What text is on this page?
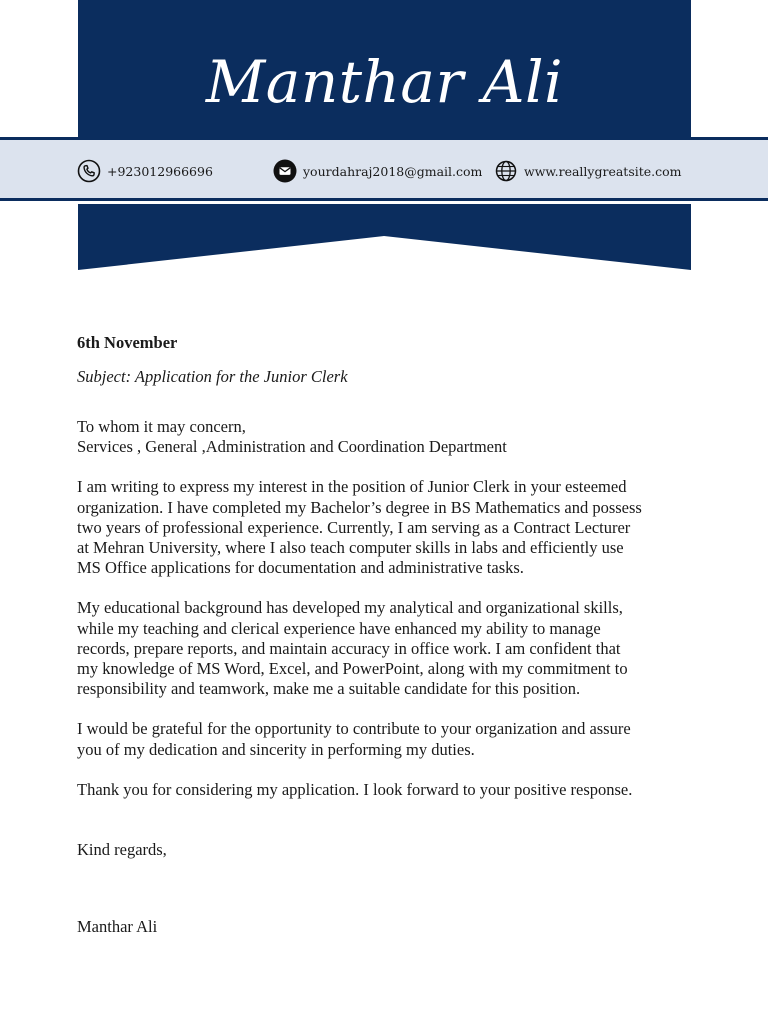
Manthar Ali
+923012966696	yourdahraj2018@gmail.com	www.reallygreatsite.com

6th November

Subject: Application for the Junior Clerk

To whom it may concern,
Services , General ,Administration and Coordination Department
I am writing to express my interest in the position of Junior Clerk in your esteemed
organization. I have completed my Bachelor’s degree in BS Mathematics and possess
two years of professional experience. Currently, I am serving as a Contract Lecturer
at Mehran University, where I also teach computer skills in labs and efficiently use
MS Office applications for documentation and administrative tasks.
My educational background has developed my analytical and organizational skills,
while my teaching and clerical experience have enhanced my ability to manage
records, prepare reports, and maintain accuracy in office work. I am confident that
my knowledge of MS Word, Excel, and PowerPoint, along with my commitment to
responsibility and teamwork, make me a suitable candidate for this position.
I would be grateful for the opportunity to contribute to your organization and assure
you of my dedication and sincerity in performing my duties.
Thank you for considering my application. I look forward to your positive response.

Kind regards,

Manthar Ali
